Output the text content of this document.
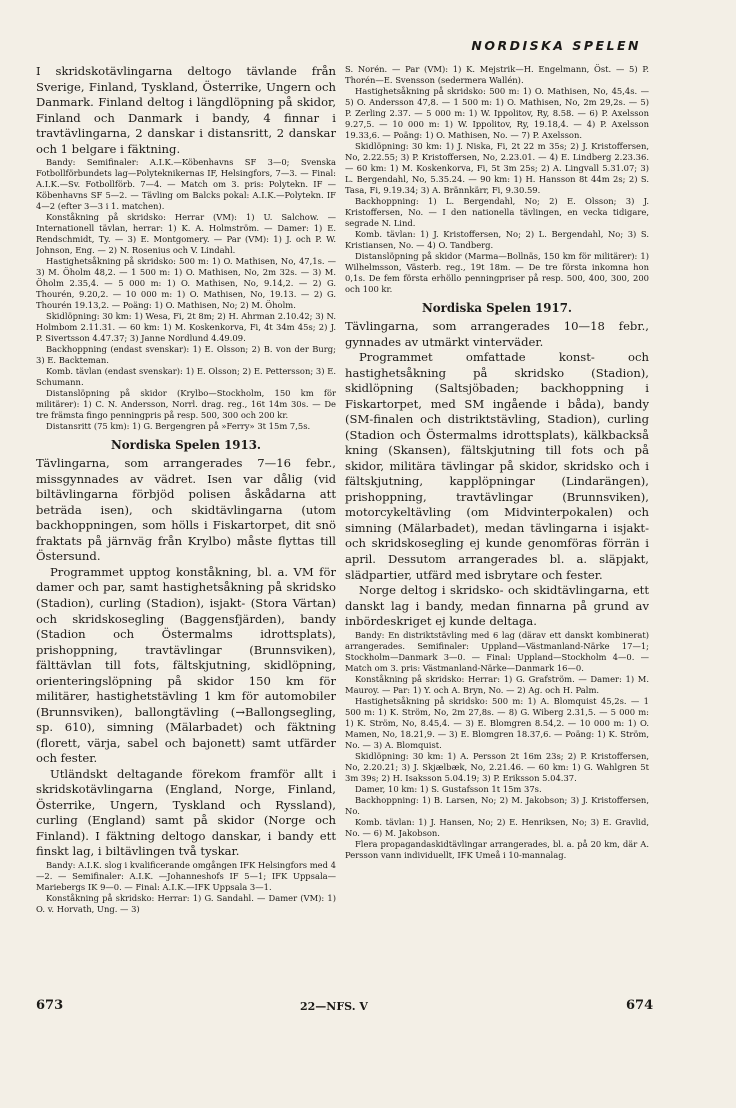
NORDISKA SPELEN

I skridskotävlingarna deltogo tävlande från Sverige, Finland, Tyskland, Österrike, Ungern och Danmark. Finland deltog i längdlöpning på skidor, Finland och Danmark i bandy, 4 finnar i travtävlingarna, 2 danskar i distansritt, 2 danskar och 1 belgare i fäktning.

Bandy: Semifinaler: A.I.K.—Köbenhavns SF 3—0; Svenska Fotbollförbundets lag—Polyteknikernas IF, Helsingfors, 7—3. — Final: A.I.K.—Sv. Fotbollförb. 7—4. — Match om 3. pris: Polytekn. IF —Köbenhavns SF 5—2. — Tävling om Balcks pokal: A.I.K.—Polytekn. IF 4—2 (efter 3—3 i 1. matchen).

Konståkning på skridsko: Herrar (VM): 1) U. Salchow. — Internationell tävlan, herrar: 1) K. A. Holmström. — Damer: 1) E. Rendschmidt, Ty. — 3) E. Montgomery. — Par (VM): 1) J. och P. W. Johnson, Eng. — 2) N. Rosenius och V. Lindahl.

Hastighetsåkning på skridsko: 500 m: 1) O. Mathisen, No, 47,1s. — 3) M. Öholm 48,2. — 1 500 m: 1) O. Mathisen, No, 2m 32s. — 3) M. Öholm 2.35,4. — 5 000 m: 1) O. Mathisen, No, 9.14,2. — 2) G. Thourén, 9.20,2. — 10 000 m: 1) O. Mathisen, No, 19.13. — 2) G. Thourén 19.13,2. — Poäng: 1) O. Mathisen, No; 2) M. Öholm.

Skidlöpning: 30 km: 1) Wesa, Fi, 2t 8m; 2) H. Ahrman 2.10.42; 3) N. Holmbom 2.11.31. — 60 km: 1) M. Koskenkorva, Fi, 4t 34m 45s; 2) J. P. Sivertsson 4.47.37; 3) Janne Nordlund 4.49.09.

Backhoppning (endast svenskar): 1) E. Olsson; 2) B. von der Burg; 3) E. Backteman.

Komb. tävlan (endast svenskar): 1) E. Olsson; 2) E. Pettersson; 3) E. Schumann.

Distanslöpning på skidor (Krylbo—Stockholm, 150 km för militärer): 1) C. N. Andersson, Norrl. drag. reg., 16t 14m 30s. — De tre främsta fingo penningpris på resp. 500, 300 och 200 kr.

Distansritt (75 km): 1) G. Bergengren på »Ferry» 3t 15m 7,5s.

Nordiska Spelen 1913.

Tävlingarna, som arrangerades 7—16 febr., missgynnades av vädret. Isen var dålig (vid biltävlingarna förbjöd polisen åskådarna att beträda isen), och skidtävlingarna (utom backhoppningen, som hölls i Fiskartorpet, dit snö fraktats på järnväg från Krylbo) måste flyttas till Östersund.

Programmet upptog konståkning, bl. a. VM för damer och par, samt hastighetsåkning på skridsko (Stadion), curling (Stadion), isjakt- (Stora Värtan) och skridskosegling (Baggensfjärden), bandy (Stadion och Östermalms idrottsplats), prishoppning, travtävlingar (Brunnsviken), fälttävlan till fots, fältskjutning, skidlöpning, orienteringslöpning på skidor 150 km för militärer, hastighetstävling 1 km för automobiler (Brunnsviken), ballongtävling (→Ballongsegling, sp. 610), simning (Mälarbadet) och fäktning (florett, värja, sabel och bajonett) samt utfärder och fester.

Utländskt deltagande förekom framför allt i skridskotävlingarna (England, Norge, Finland, Österrike, Ungern, Tyskland och Ryssland), curling (England) samt på skidor (Norge och Finland). I fäktning deltogo danskar, i bandy ett finskt lag, i biltävlingen två tyskar.

Bandy: A.I.K. slog i kvalificerande omgången IFK Helsingfors med 4—2. — Semifinaler: A.I.K. —Johanneshofs IF 5—1; IFK Uppsala—Mariebergs IK 9—0. — Final: A.I.K.—IFK Uppsala 3—1.

Konståkning på skridsko: Herrar: 1) G. Sandahl. — Damer (VM): 1) O. v. Horvath, Ung. — 3)

S. Norén. — Par (VM): 1) K. Mejstrik—H. Engelmann, Öst. — 5) P. Thorén—E. Svensson (sedermera Wallén).

Hastighetsåkning på skridsko: 500 m: 1) O. Mathisen, No, 45,4s. — 5) O. Andersson 47,8. — 1 500 m: 1) O. Mathisen, No, 2m 29,2s. — 5) P. Zerling 2.37. — 5 000 m: 1) W. Ippolitov, Ry, 8.58. — 6) P. Axelsson 9.27,5. — 10 000 m: 1) W. Ippolitov, Ry, 19.18,4. — 4) P. Axelsson 19.33,6. — Poäng: 1) O. Mathisen, No. — 7) P. Axelsson.

Skidlöpning: 30 km: 1) J. Niska, Fi, 2t 22 m 35s; 2) J. Kristoffersen, No, 2.22.55; 3) P. Kristoffersen, No, 2.23.01. — 4) E. Lindberg 2.23.36. — 60 km: 1) M. Koskenkorva, Fi, 5t 3m 25s; 2) A. Lingvall 5.31.07; 3) L. Bergendahl, No, 5.35.24. — 90 km: 1) H. Hansson 8t 44m 2s; 2) S. Tasa, Fi, 9.19.34; 3) A. Brännkärr, Fi, 9.30.59.

Backhoppning: 1) L. Bergendahl, No; 2) E. Olsson; 3) J. Kristoffersen, No. — I den nationella tävlingen, en vecka tidigare, segrade N. Lind.

Komb. tävlan: 1) J. Kristoffersen, No; 2) L. Bergendahl, No; 3) S. Kristiansen, No. — 4) O. Tandberg.

Distanslöpning på skidor (Marma—Bollnäs, 150 km för militärer): 1) Wilhelmsson, Västerb. reg., 19t 18m. — De tre första inkomna hon 0,1s. De fem första erhöllo penningpriser på resp. 500, 400, 300, 200 och 100 kr.

Nordiska Spelen 1917.

Tävlingarna, som arrangerades 10—18 febr., gynnades av utmärkt vinterväder.

Programmet omfattade konst- och hastighetsåkning på skridsko (Stadion), skidlöpning (Saltsjöbaden; backhoppning i Fiskartorpet, med SM ingående i båda), bandy (SM-finalen och distriktstävling, Stadion), curling (Stadion och Östermalms idrottsplats), kälkbackså kning (Skansen), fältskjutning till fots och på skidor, militära tävlingar på skidor, skridsko och i fältskjutning, kapplöpningar (Lindarängen), prishoppning, travtävlingar (Brunnsviken), motorcykeltävling (om Midvinterpokalen) och simning (Mälarbadet), medan tävlingarna i isjakt- och skridskosegling ej kunde genomföras förrän i april. Dessutom arrangerades bl. a. släpjakt, slädpartier, utfärd med isbrytare och fester.

Norge deltog i skridsko- och skidtävlingarna, ett danskt lag i bandy, medan finnarna på grund av inbördeskriget ej kunde deltaga.

Bandy: En distriktstävling med 6 lag (därav ett danskt kombinerat) arrangerades. Semifinaler: Uppland—Västmanland-Närke 17—1; Stockholm—Danmark 3—0. — Final: Uppland—Stockholm 4—0. — Match om 3. pris: Västmanland-Närke—Danmark 16—0.

Konståkning på skridsko: Herrar: 1) G. Grafström. — Damer: 1) M. Mauroy. — Par: 1) Y. och A. Bryn, No. — 2) Ag. och H. Palm.

Hastighetsåkning på skridsko: 500 m: 1) A. Blomquist 45,2s. — 1 500 m: 1) K. Ström, No, 2m 27,8s. — 8) G. Wiberg 2.31,5. — 5 000 m: 1) K. Ström, No, 8.45,4. — 3) E. Blomgren 8.54,2. — 10 000 m: 1) O. Mamen, No, 18.21,9. — 3) E. Blomgren 18.37,6. — Poäng: 1) K. Ström, No. — 3) A. Blomquist.

Skidlöpning: 30 km: 1) A. Persson 2t 16m 23s; 2) P. Kristoffersen, No, 2.20.21; 3) J. Skjælbæk, No, 2.21.46. — 60 km: 1) G. Wahlgren 5t 3m 39s; 2) H. Isaksson 5.04.19; 3) P. Eriksson 5.04.37.

Damer, 10 km: 1) S. Gustafsson 1t 15m 37s.

Backhoppning: 1) B. Larsen, No; 2) M. Jakobson; 3) J. Kristoffersen, No.

Komb. tävlan: 1) J. Hansen, No; 2) E. Henriksen, No; 3) E. Gravlid, No. — 6) M. Jakobson.

Flera propagandaskidtävlingar arrangerades, bl. a. på 20 km, där A. Persson vann individuellt, IFK Umeå i 10-mannalag.

673	22—NFS. V	674
